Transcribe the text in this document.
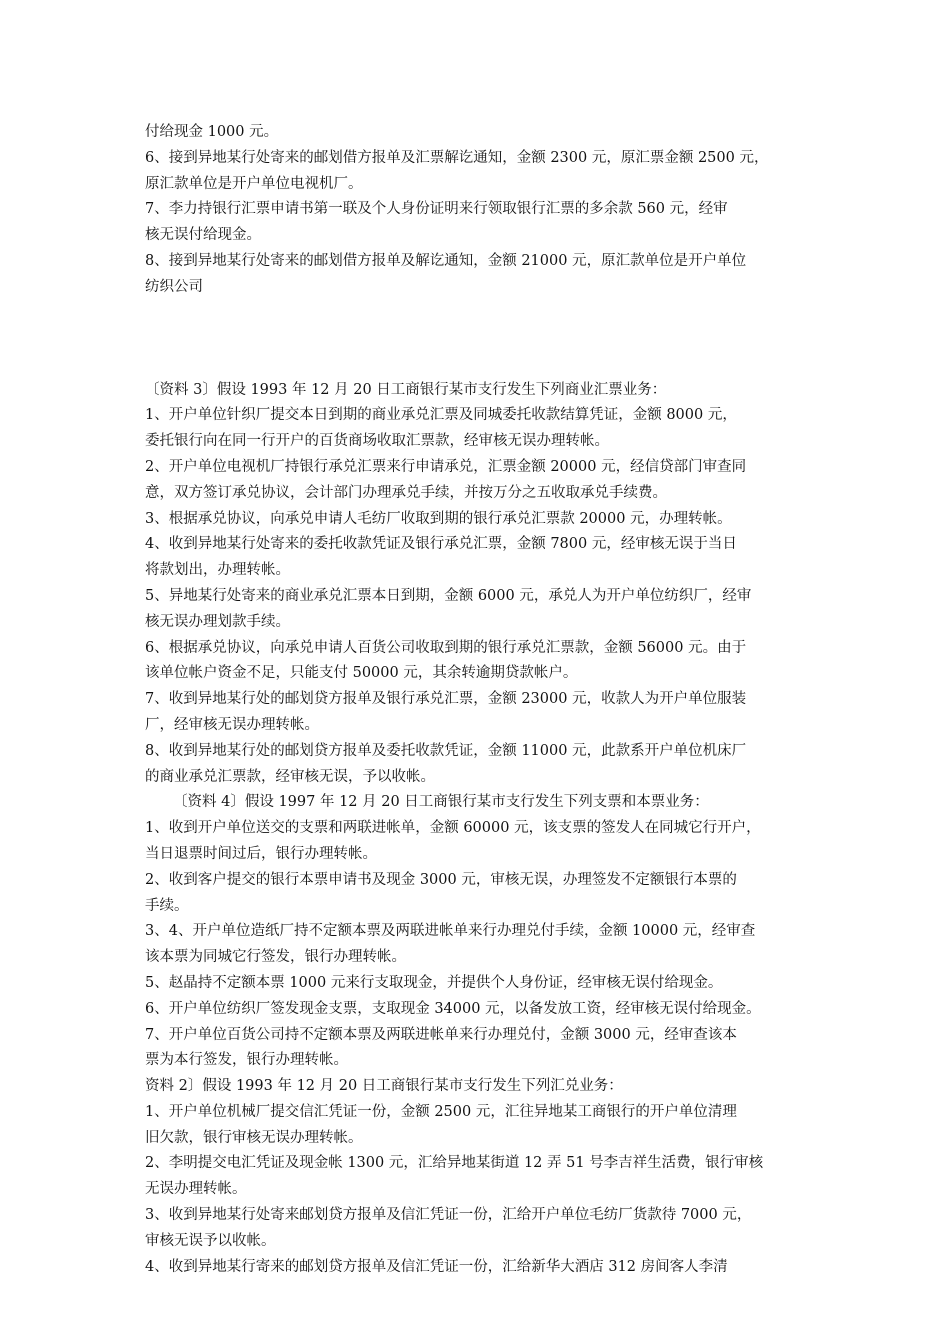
付给现金 1000 元。
6、接到异地某行处寄来的邮划借方报单及汇票解讫通知，金额 2300 元，原汇票金额 2500 元，
原汇款单位是开户单位电视机厂。
7、李力持银行汇票申请书第一联及个人身份证明来行领取银行汇票的多余款 560 元，经审
核无误付给现金。
8、接到异地某行处寄来的邮划借方报单及解讫通知，金额 21000 元，原汇款单位是开户单位
纺织公司
〔资料 3〕假设 1993 年 12 月 20 日工商银行某市支行发生下列商业汇票业务：
1、开户单位针织厂提交本日到期的商业承兑汇票及同城委托收款结算凭证，金额 8000 元，
委托银行向在同一行开户的百货商场收取汇票款，经审核无误办理转帐。
2、开户单位电视机厂持银行承兑汇票来行申请承兑，汇票金额 20000 元，经信贷部门审查同
意，双方签订承兑协议，会计部门办理承兑手续，并按万分之五收取承兑手续费。
3、根据承兑协议，向承兑申请人毛纺厂收取到期的银行承兑汇票款 20000 元，办理转帐。
4、收到异地某行处寄来的委托收款凭证及银行承兑汇票，金额 7800 元，经审核无误于当日
将款划出，办理转帐。
5、异地某行处寄来的商业承兑汇票本日到期，金额 6000 元，承兑人为开户单位纺织厂，经审
核无误办理划款手续。
6、根据承兑协议，向承兑申请人百货公司收取到期的银行承兑汇票款，金额 56000 元。由于
该单位帐户资金不足，只能支付 50000 元，其余转逾期贷款帐户。
7、收到异地某行处的邮划贷方报单及银行承兑汇票，金额 23000 元，收款人为开户单位服装
厂，经审核无误办理转帐。
8、收到异地某行处的邮划贷方报单及委托收款凭证，金额 11000 元，此款系开户单位机床厂
的商业承兑汇票款，经审核无误，予以收帐。
〔资料 4〕假设 1997 年 12 月 20 日工商银行某市支行发生下列支票和本票业务：
1、收到开户单位送交的支票和两联进帐单，金额 60000 元，该支票的签发人在同城它行开户，
当日退票时间过后，银行办理转帐。
2、收到客户提交的银行本票申请书及现金 3000 元，审核无误，办理签发不定额银行本票的
手续。
3、4、开户单位造纸厂持不定额本票及两联进帐单来行办理兑付手续，金额 10000 元，经审查
该本票为同城它行签发，银行办理转帐。
5、赵晶持不定额本票 1000 元来行支取现金，并提供个人身份证，经审核无误付给现金。
6、开户单位纺织厂签发现金支票，支取现金 34000 元，以备发放工资，经审核无误付给现金。
7、开户单位百货公司持不定额本票及两联进帐单来行办理兑付，金额 3000 元，经审查该本
票为本行签发，银行办理转帐。
资料 2〕假设 1993 年 12 月 20 日工商银行某市支行发生下列汇兑业务：
1、开户单位机械厂提交信汇凭证一份，金额 2500 元，汇往异地某工商银行的开户单位清理
旧欠款，银行审核无误办理转帐。
2、李明提交电汇凭证及现金帐 1300 元，汇给异地某街道 12 弄 51 号李吉祥生活费，银行审核
无误办理转帐。
3、收到异地某行处寄来邮划贷方报单及信汇凭证一份，汇给开户单位毛纺厂货款待 7000 元，
审核无误予以收帐。
4、收到异地某行寄来的邮划贷方报单及信汇凭证一份，汇给新华大酒店 312 房间客人李清
